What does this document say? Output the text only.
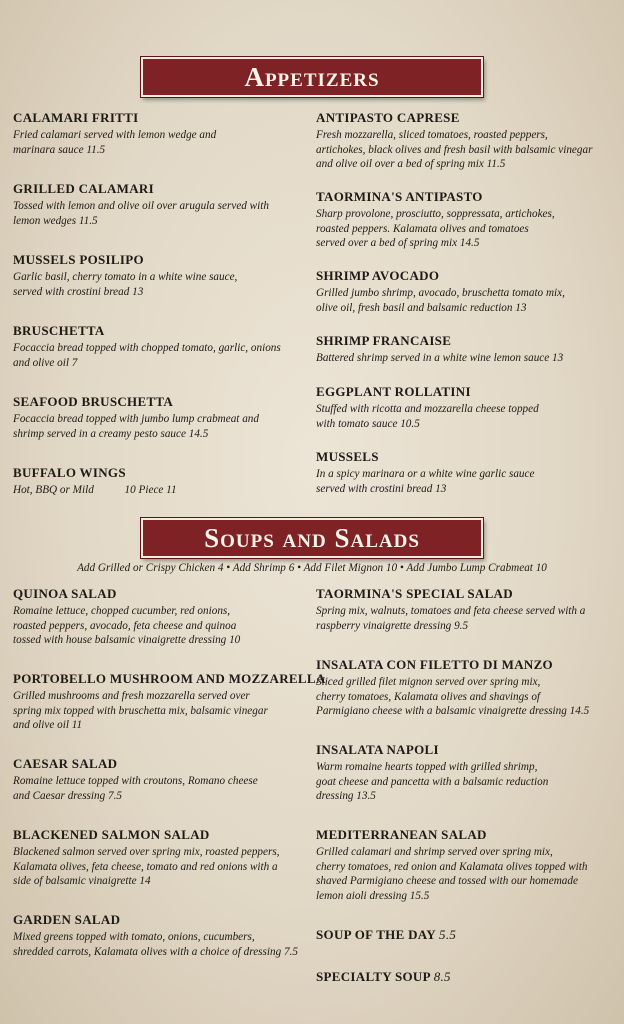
Appetizers

CALAMARI FRITTI

Fried calamari served with lemon wedge and
marinara sauce 11.5

GRILLED CALAMARI

Tossed with lemon and olive oil over arugula served with
lemon wedges 11.5

MUSSELS POSILIPO

Garlic basil, cherry tomato in a white wine sauce,
served with crostini bread 13

BRUSCHETTA

Focaccia bread topped with chopped tomato, garlic, onions
and olive oil 7

SEAFOOD BRUSCHETTA

Focaccia bread topped with jumbo lump crabmeat and
shrimp served in a creamy pesto sauce 14.5

BUFFALO WINGS

Hot, BBQ or Mild           10 Piece 11

ANTIPASTO CAPRESE

Fresh mozzarella, sliced tomatoes, roasted peppers,
artichokes, black olives and fresh basil with balsamic vinegar
and olive oil over a bed of spring mix 11.5

TAORMINA'S ANTIPASTO

Sharp provolone, prosciutto, soppressata, artichokes,
roasted peppers. Kalamata olives and tomatoes
served over a bed of spring mix 14.5

SHRIMP AVOCADO

Grilled jumbo shrimp, avocado, bruschetta tomato mix,
olive oil, fresh basil and balsamic reduction 13

SHRIMP FRANCAISE

Battered shrimp served in a white wine lemon sauce 13

EGGPLANT ROLLATINI

Stuffed with ricotta and mozzarella cheese topped
with tomato sauce 10.5

MUSSELS

In a spicy marinara or a white wine garlic sauce
served with crostini bread 13

Soups and Salads
Add Grilled or Crispy Chicken 4 • Add Shrimp 6 • Add Filet Mignon 10 • Add Jumbo Lump Crabmeat 10

QUINOA SALAD

Romaine lettuce, chopped cucumber, red onions,
roasted peppers, avocado, feta cheese and quinoa
tossed with house balsamic vinaigrette dressing 10

PORTOBELLO MUSHROOM AND MOZZARELLA

Grilled mushrooms and fresh mozzarella served over
spring mix topped with bruschetta mix, balsamic vinegar
and olive oil 11

CAESAR SALAD

Romaine lettuce topped with croutons, Romano cheese
and Caesar dressing 7.5

BLACKENED SALMON SALAD

Blackened salmon served over spring mix, roasted peppers,
Kalamata olives, feta cheese, tomato and red onions with a
side of balsamic vinaigrette 14

GARDEN SALAD

Mixed greens topped with tomato, onions, cucumbers,
shredded carrots, Kalamata olives with a choice of dressing 7.5

TAORMINA'S SPECIAL SALAD

Spring mix, walnuts, tomatoes and feta cheese served with a
raspberry vinaigrette dressing 9.5

INSALATA CON FILETTO DI MANZO

Sliced grilled filet mignon served over spring mix,
cherry tomatoes, Kalamata olives and shavings of
Parmigiano cheese with a balsamic vinaigrette dressing 14.5

INSALATA NAPOLI

Warm romaine hearts topped with grilled shrimp,
goat cheese and pancetta with a balsamic reduction
dressing 13.5

MEDITERRANEAN SALAD

Grilled calamari and shrimp served over spring mix,
cherry tomatoes, red onion and Kalamata olives topped with
shaved Parmigiano cheese and tossed with our homemade
lemon aioli dressing 15.5

SOUP OF THE DAY 5.5

SPECIALTY SOUP 8.5
